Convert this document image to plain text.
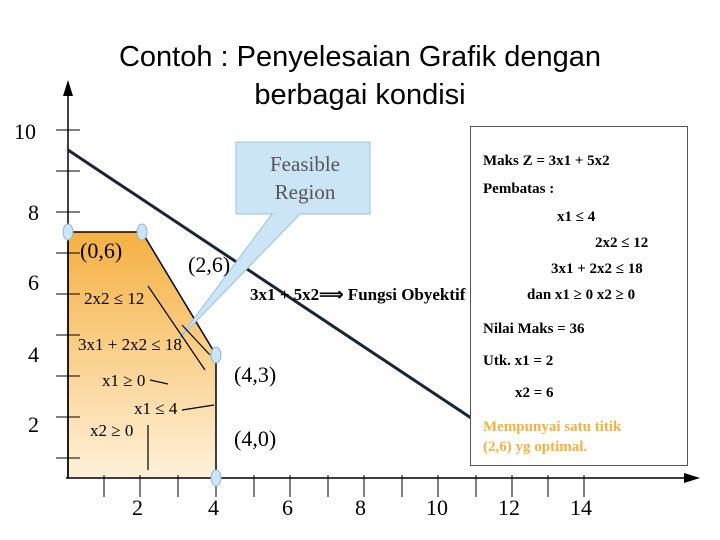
Contoh : Penyelesaian Grafik dengan
berbagai kondisi
10
8
6
4
2
2	4	6	8	10 12 14
(0,6)
(2,6)
(4,3)
(4,0)
2x2 ≤ 12
3x1 + 2x2 ≤ 18
x1 ≥ 0
x1 ≤ 4
x2 ≥ 0
3x1 + 5x2⟹ Fungsi Obyektif
Feasible
Region
Maks Z = 3x1 + 5x2
Pembatas :
x1 ≤ 4
2x2 ≤ 12
3x1 + 2x2 ≤ 18
dan x1 ≥ 0 x2 ≥ 0
Nilai Maks = 36
Utk. x1 = 2
x2 = 6
Mempunyai satu titik
(2,6) yg optimal.
